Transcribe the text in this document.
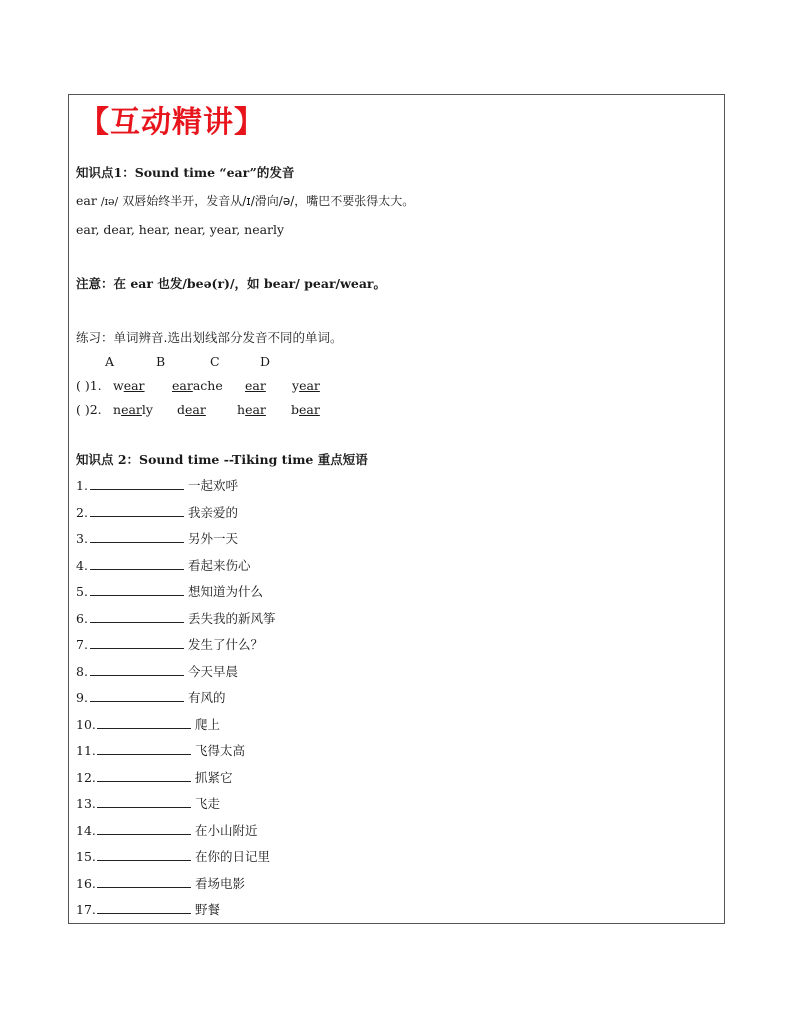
【互动精讲】
知识点1：Sound time “ear”的发音
ear /ɪə/ 双唇始终半开，发音从/ɪ/滑向/ə/，嘴巴不要张得太大。
ear, dear, hear, near, year, nearly
注意：在 ear 也发/beə(r)/，如 bear/ pear/wear。
练习：单词辨音.选出划线部分发音不同的单词。
A	B	C	D
( )1. wear earache ear year
( )2. nearly dear hear bear
知识点 2：Sound time --Tiking time 重点短语
1.	一起欢呼
2.	我亲爱的
3.	另外一天
4.	看起来伤心
5.	想知道为什么
6.	丢失我的新风筝
7.	发生了什么？
8.	今天早晨
9.	有风的
10.	爬上
11.	飞得太高
12.	抓紧它
13.	飞走
14.	在小山附近
15.	在你的日记里
16.	看场电影
17.	野餐
